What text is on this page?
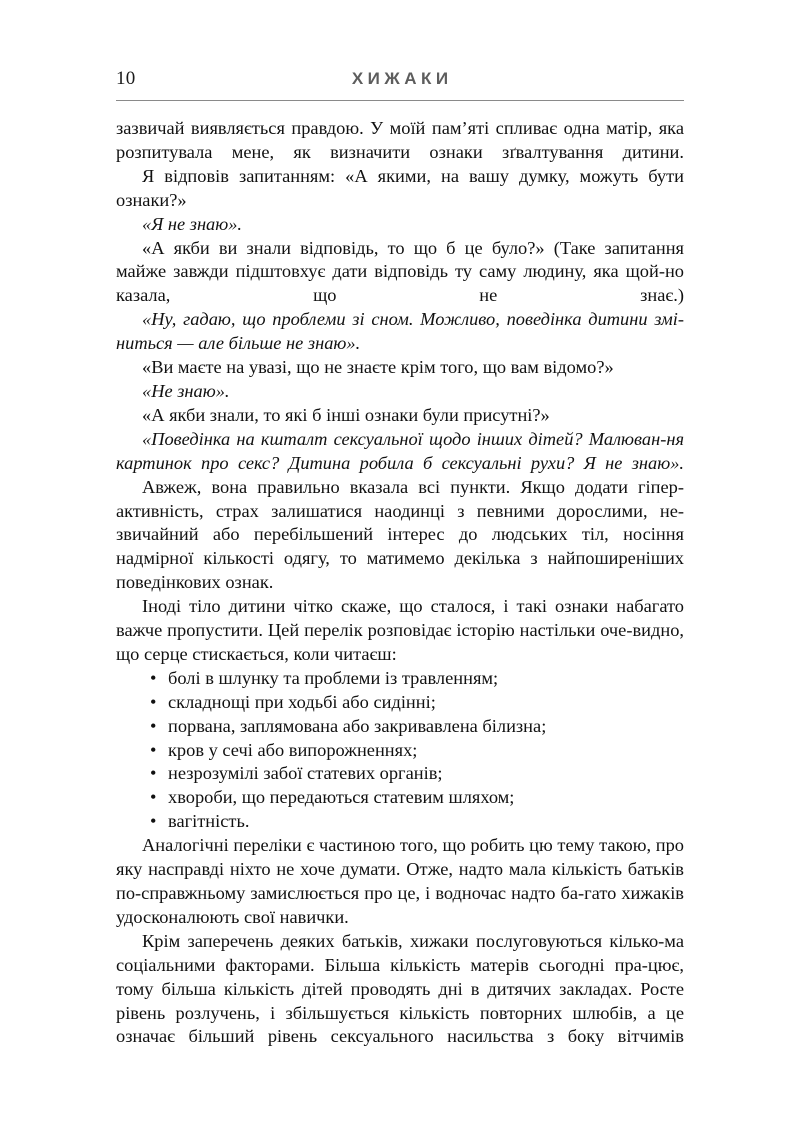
10	ХИЖАКИ

зазвичай виявляється правдою. У моїй пам’яті спливає одна матір, яка розпитувала мене, як визначити ознаки зґвалтування дитини.

Я відповів запитанням: «А якими, на вашу думку, можуть бути ознаки?»

«Я не знаю».

«А якби ви знали відповідь, то що б це було?» (Таке запитання майже завжди підштовхує дати відповідь ту саму людину, яка щой-но казала, що не знає.)

«Ну, гадаю, що проблеми зі сном. Можливо, поведінка дитини змі-ниться — але більше не знаю».

«Ви маєте на увазі, що не знаєте крім того, що вам відомо?»

«Не знаю».

«А якби знали, то які б інші ознаки були присутні?»

«Поведінка на кшталт сексуальної щодо інших дітей? Малюван-ня картинок про секс? Дитина робила б сексуальні рухи? Я не знаю».

Авжеж, вона правильно вказала всі пункти. Якщо додати гіпер-активність, страх залишатися наодинці з певними дорослими, не-звичайний або перебільшений інтерес до людських тіл, носіння надмірної кількості одягу, то матимемо декілька з найпоширеніших поведінкових ознак.

Іноді тіло дитини чітко скаже, що сталося, і такі ознаки набагато важче пропустити. Цей перелік розповідає історію настільки оче-видно, що серце стискається, коли читаєш:

• болі в шлунку та проблеми із травленням;
• складнощі при ходьбі або сидінні;
• порвана, заплямована або закривавлена білизна;
• кров у сечі або випорожненнях;
• незрозумілі забої статевих органів;
• хвороби, що передаються статевим шляхом;
• вагітність.

Аналогічні переліки є частиною того, що робить цю тему такою, про яку насправді ніхто не хоче думати. Отже, надто мала кількість батьків по-справжньому замислюється про це, і водночас надто ба-гато хижаків удосконалюють свої навички.

Крім заперечень деяких батьків, хижаки послуговуються кілько-ма соціальними факторами. Більша кількість матерів сьогодні пра-цює, тому більша кількість дітей проводять дні в дитячих закладах. Росте рівень розлучень, і збільшується кількість повторних шлюбів, а це означає більший рівень сексуального насильства з боку вітчимів
